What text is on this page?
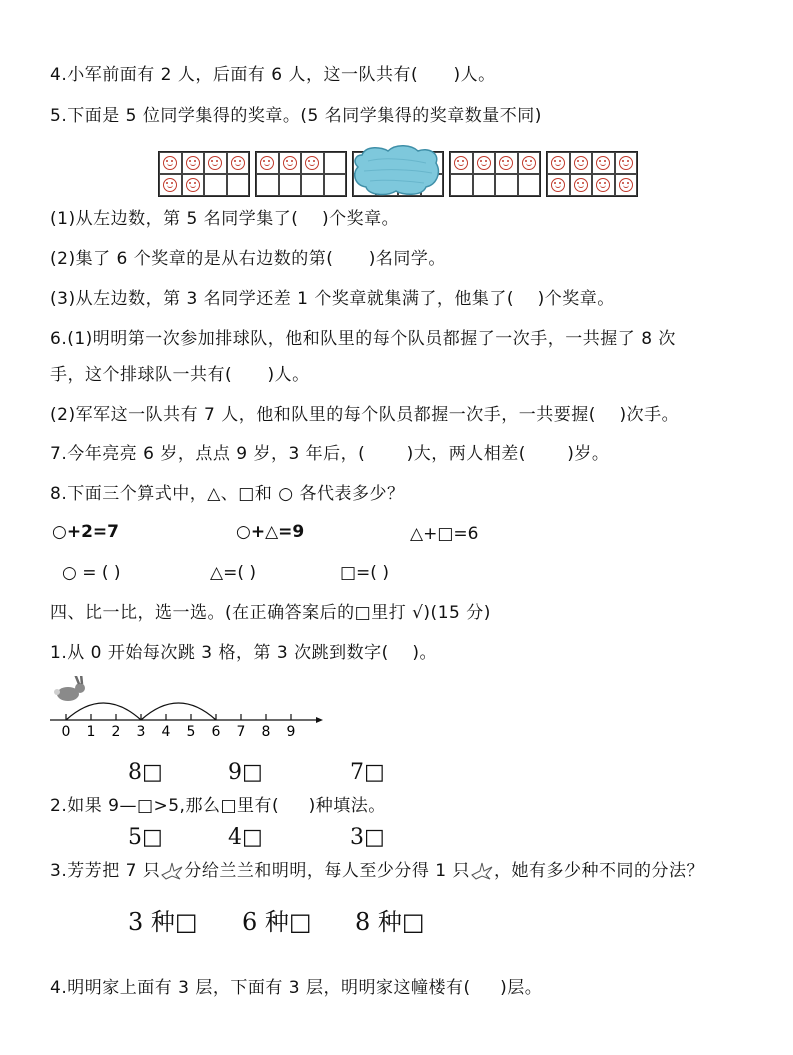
4.小军前面有 2 人，后面有 6 人，这一队共有(      )人。
5.下面是 5 位同学集得的奖章。(5 名同学集得的奖章数量不同)
(1)从左边数，第 5 名同学集了(    )个奖章。
(2)集了 6 个奖章的是从右边数的第(      )名同学。
(3)从左边数，第 3 名同学还差 1 个奖章就集满了，他集了(    )个奖章。
6.(1)明明第一次参加排球队，他和队里的每个队员都握了一次手，一共握了 8 次
手，这个排球队一共有(      )人。
(2)军军这一队共有 7 人，他和队里的每个队员都握一次手，一共要握(    )次手。
7.今年亮亮 6 岁，点点 9 岁，3 年后，(       )大，两人相差(       )岁。
8.下面三个算式中，△、□和 ○ 各代表多少？
○+2=7	○+△=9	△+□=6
○ = ( )	△=( )	□=( )
四、比一比，选一选。(在正确答案后的□里打 √)(15 分)
1.从 0 开始每次跳 3 格，第 3 次跳到数字(    )。
0 1 2 3 4 5 6 7 8 9
8□	9□	7□
2.如果 9—□>5,那么□里有(     )种填法。
5□	4□	3□
3.芳芳把 7 只 分给兰兰和明明，每人至少分得 1 只 ，她有多少种不同的分法？
3 种□ 6 种□ 8 种□
4.明明家上面有 3 层，下面有 3 层，明明家这幢楼有(     )层。
